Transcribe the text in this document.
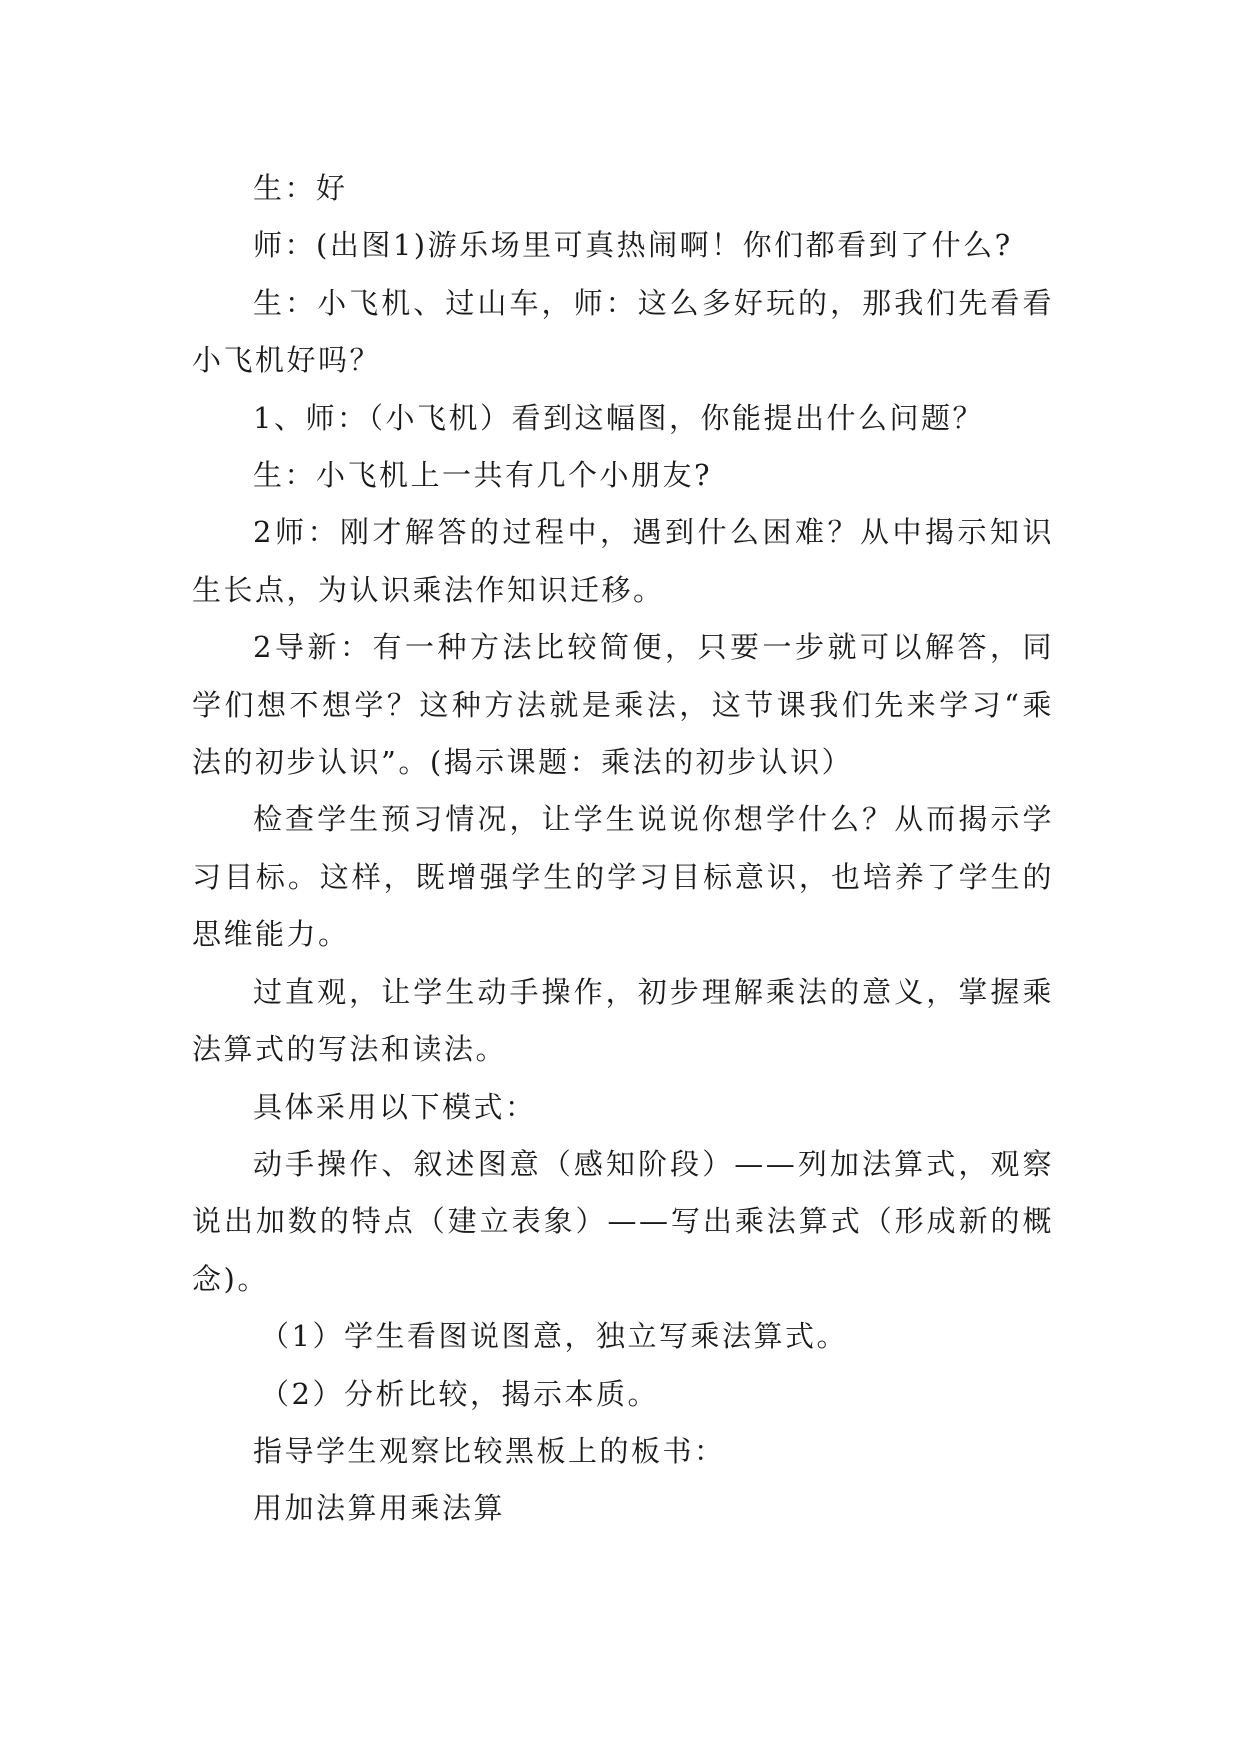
生：好

师：(出图1)游乐场里可真热闹啊！你们都看到了什么?

生：小飞机、过山车，师：这么多好玩的，那我们先看看小飞机好吗？

1、师：（小飞机）看到这幅图，你能提出什么问题？

生：小飞机上一共有几个小朋友?

2师：刚才解答的过程中，遇到什么困难？从中揭示知识生长点，为认识乘法作知识迁移。

2导新：有一种方法比较简便，只要一步就可以解答，同学们想不想学？这种方法就是乘法，这节课我们先来学习“乘法的初步认识”。(揭示课题：乘法的初步认识）

检查学生预习情况，让学生说说你想学什么？从而揭示学习目标。这样，既增强学生的学习目标意识，也培养了学生的思维能力。

过直观，让学生动手操作，初步理解乘法的意义，掌握乘法算式的写法和读法。

具体采用以下模式：

动手操作、叙述图意（感知阶段）——列加法算式，观察说出加数的特点（建立表象）——写出乘法算式（形成新的概念)。

（1）学生看图说图意，独立写乘法算式。

（2）分析比较，揭示本质。

指导学生观察比较黑板上的板书：

用加法算用乘法算
